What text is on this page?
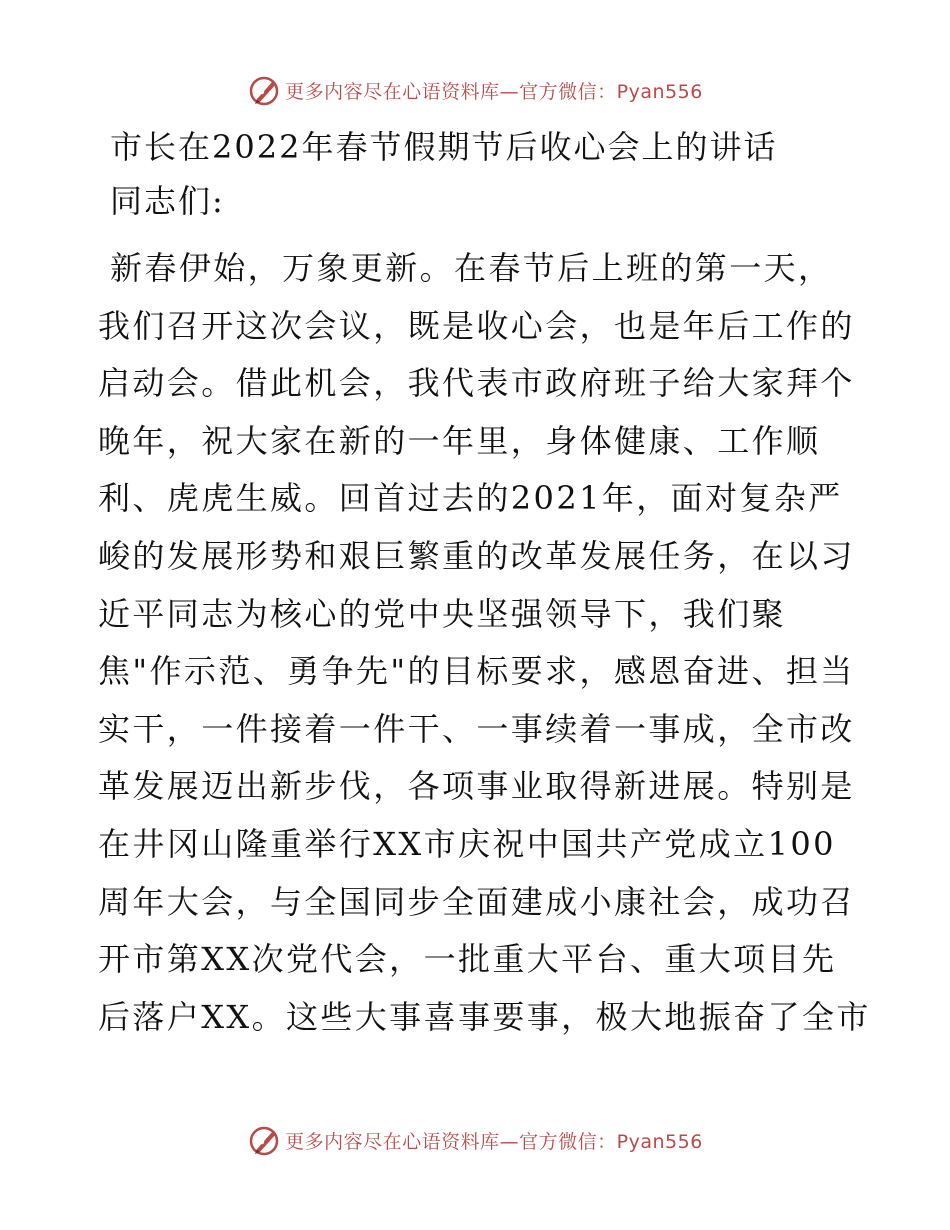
更多内容尽在心语资料库—官方微信：Pyan556
市长在2022年春节假期节后收心会上的讲话
同志们:
新春伊始，万象更新。在春节后上班的第一天，
我们召开这次会议，既是收心会，也是年后工作的
启动会。借此机会，我代表市政府班子给大家拜个
晚年，祝大家在新的一年里，身体健康、工作顺
利、虎虎生威。回首过去的2021年，面对复杂严
峻的发展形势和艰巨繁重的改革发展任务，在以习
近平同志为核心的党中央坚强领导下，我们聚
焦"作示范、勇争先"的目标要求，感恩奋进、担当
实干，一件接着一件干、一事续着一事成，全市改
革发展迈出新步伐，各项事业取得新进展。特别是
在井冈山隆重举行XX市庆祝中国共产党成立100
周年大会，与全国同步全面建成小康社会，成功召
开市第XX次党代会，一批重大平台、重大项目先
后落户XX。这些大事喜事要事，极大地振奋了全市
更多内容尽在心语资料库—官方微信：Pyan556
